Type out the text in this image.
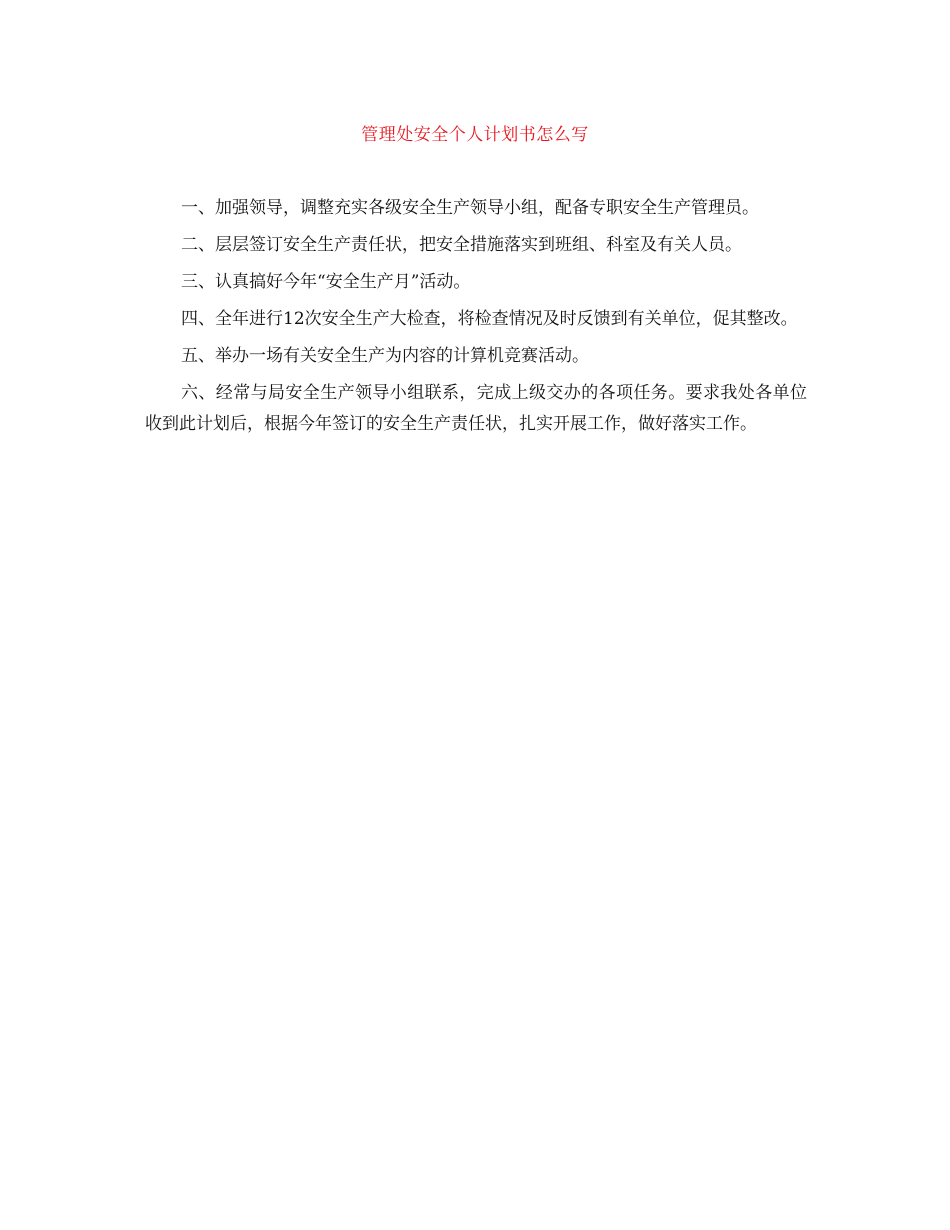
管理处安全个人计划书怎么写

一、加强领导，调整充实各级安全生产领导小组，配备专职安全生产管理员。

二、层层签订安全生产责任状，把安全措施落实到班组、科室及有关人员。

三、认真搞好今年“安全生产月”活动。

四、全年进行12次安全生产大检查，将检查情况及时反馈到有关单位，促其整改。

五、举办一场有关安全生产为内容的计算机竞赛活动。

六、经常与局安全生产领导小组联系，完成上级交办的各项任务。要求我处各单位收到此计划后，根据今年签订的安全生产责任状，扎实开展工作，做好落实工作。
